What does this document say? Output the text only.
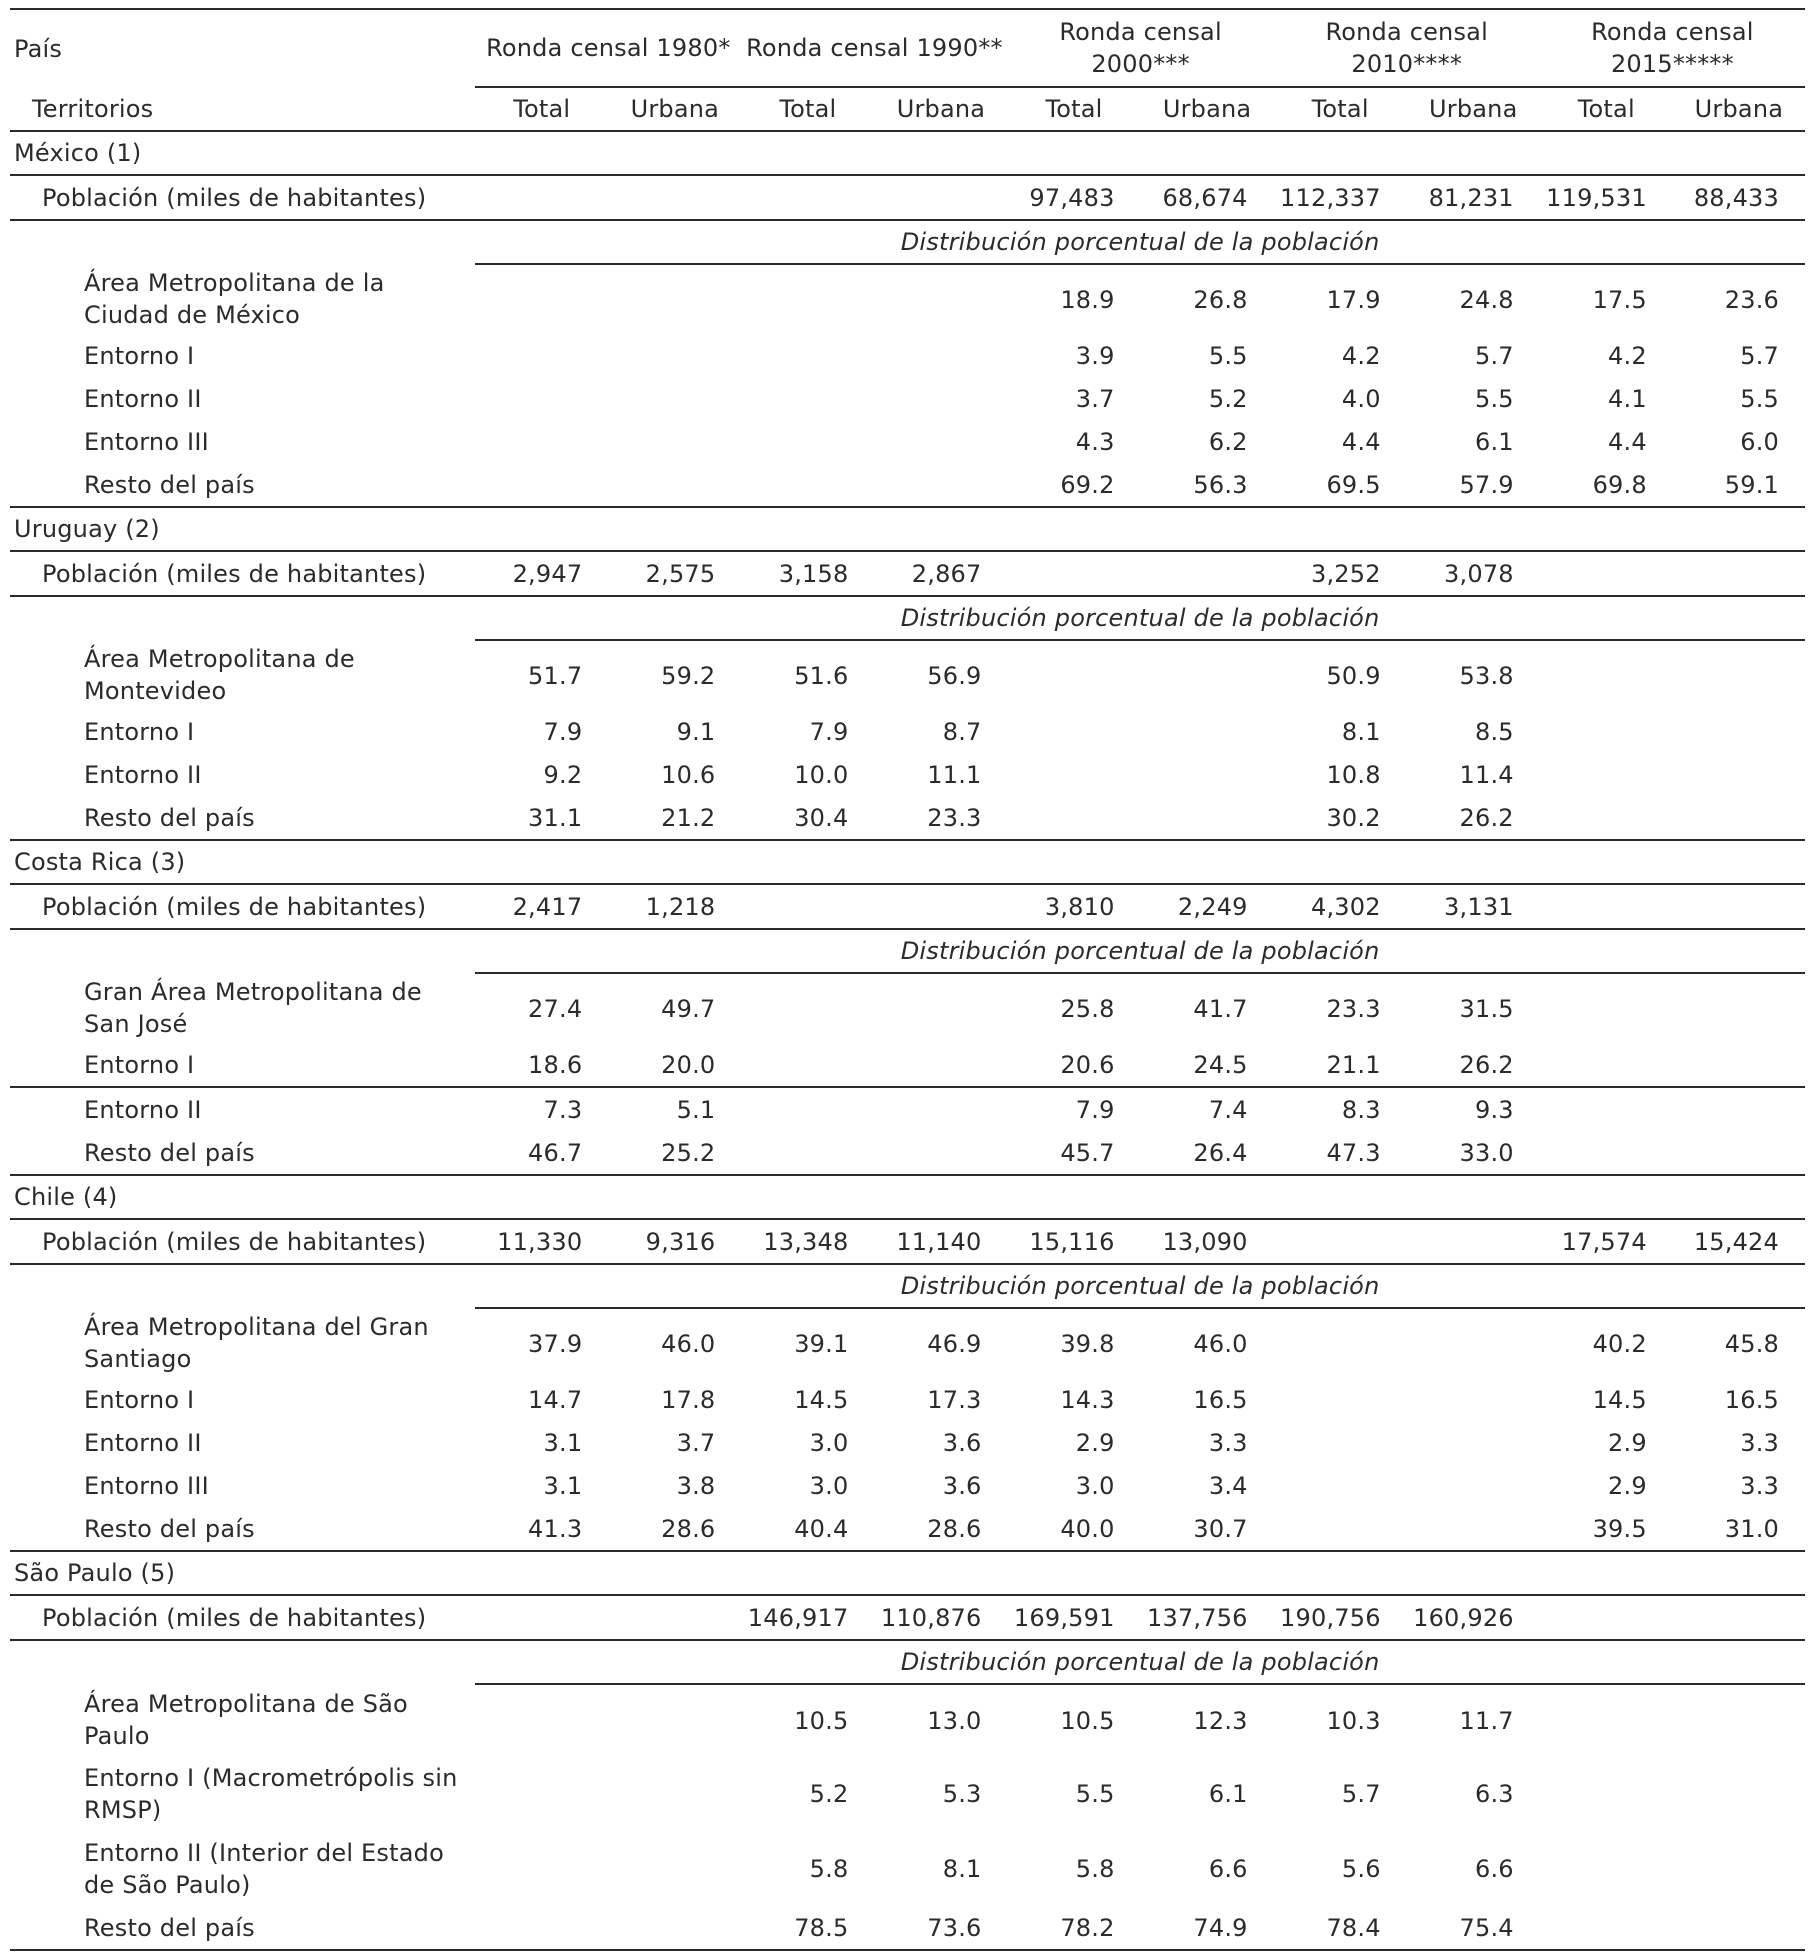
País	Ronda censal 1980*		Ronda censal 1990**		Ronda censal 2000***		Ronda censal 2010****		Ronda censal 2015*****	
Territorios	Total	Urbana	Total	Urbana	Total	Urbana	Total	Urbana	Total	Urbana
México (1)										
Población (miles de habitantes)					97,483	68,674	112,337	81,231	119,531	88,433
	Distribución porcentual de la población									
Área Metropolitana de la Ciudad de México					18.9	26.8	17.9	24.8	17.5	23.6
Entorno I					3.9	5.5	4.2	5.7	4.2	5.7
Entorno II					3.7	5.2	4.0	5.5	4.1	5.5
Entorno III					4.3	6.2	4.4	6.1	4.4	6.0
Resto del país					69.2	56.3	69.5	57.9	69.8	59.1
Uruguay (2)										
Población (miles de habitantes)	2,947	2,575	3,158	2,867			3,252	3,078		
	Distribución porcentual de la población									
Área Metropolitana de Montevideo	51.7	59.2	51.6	56.9			50.9	53.8		
Entorno I	7.9	9.1	7.9	8.7			8.1	8.5		
Entorno II	9.2	10.6	10.0	11.1			10.8	11.4		
Resto del país	31.1	21.2	30.4	23.3			30.2	26.2		
Costa Rica (3)										
Población (miles de habitantes)	2,417	1,218			3,810	2,249	4,302	3,131		
	Distribución porcentual de la población									
Gran Área Metropolitana de San José	27.4	49.7			25.8	41.7	23.3	31.5		
Entorno I	18.6	20.0			20.6	24.5	21.1	26.2		
Entorno II	7.3	5.1			7.9	7.4	8.3	9.3		
Resto del país	46.7	25.2			45.7	26.4	47.3	33.0		
Chile (4)										
Población (miles de habitantes)	11,330	9,316	13,348	11,140	15,116	13,090			17,574	15,424
	Distribución porcentual de la población									
Área Metropolitana del Gran Santiago	37.9	46.0	39.1	46.9	39.8	46.0			40.2	45.8
Entorno I	14.7	17.8	14.5	17.3	14.3	16.5			14.5	16.5
Entorno II	3.1	3.7	3.0	3.6	2.9	3.3			2.9	3.3
Entorno III	3.1	3.8	3.0	3.6	3.0	3.4			2.9	3.3
Resto del país	41.3	28.6	40.4	28.6	40.0	30.7			39.5	31.0
São Paulo (5)										
Población (miles de habitantes)			146,917	110,876	169,591	137,756	190,756	160,926		
	Distribución porcentual de la población									
Área Metropolitana de São Paulo			10.5	13.0	10.5	12.3	10.3	11.7		
Entorno I (Macrometrópolis sin RMSP)			5.2	5.3	5.5	6.1	5.7	6.3		
Entorno II (Interior del Estado de São Paulo)			5.8	8.1	5.8	6.6	5.6	6.6		
Resto del país			78.5	73.6	78.2	74.9	78.4	75.4		
